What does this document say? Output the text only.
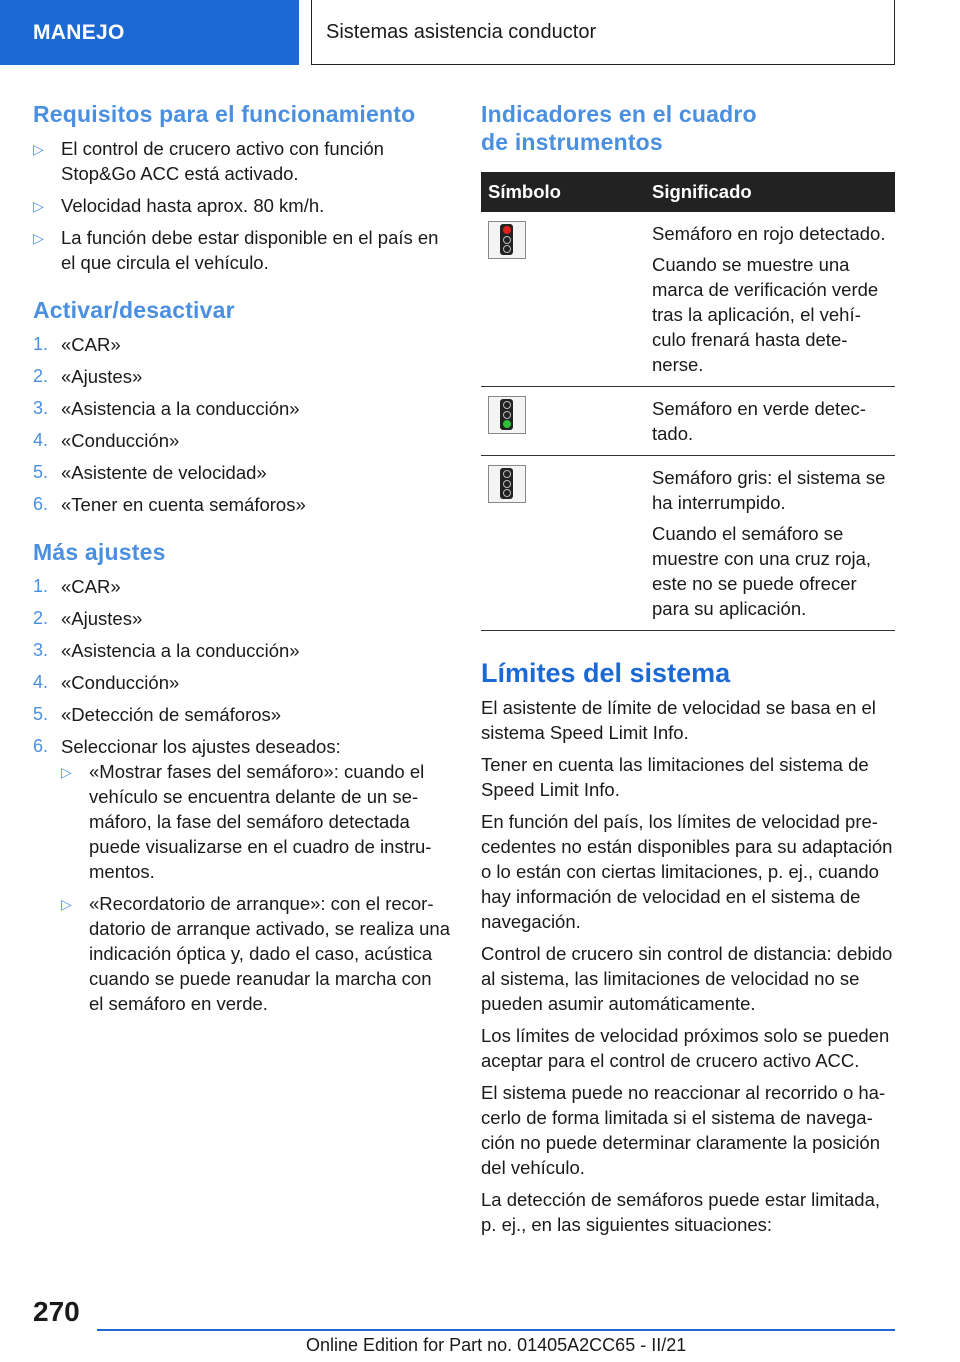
MANEJO	Sistemas asistencia conductor
Requisitos para el funcionamiento
▷ El control de crucero activo con función Stop&Go ACC está activado.
▷ Velocidad hasta aprox. 80 km/h.
▷ La función debe estar disponible en el país en el que circula el vehículo.
Activar/desactivar
1. «CAR»
2. «Ajustes»
3. «Asistencia a la conducción»
4. «Conducción»
5. «Asistente de velocidad»
6. «Tener en cuenta semáforos»
Más ajustes
1. «CAR»
2. «Ajustes»
3. «Asistencia a la conducción»
4. «Conducción»
5. «Detección de semáforos»
6. Seleccionar los ajustes deseados:
▷ «Mostrar fases del semáforo»: cuando el vehículo se encuentra delante de un semáforo, la fase del semáforo detectada puede visualizarse en el cuadro de instrumentos.
▷ «Recordatorio de arranque»: con el recordatorio de arranque activado, se realiza una indicación óptica y, dado el caso, acústica cuando se puede reanudar la marcha con el semáforo en verde.
Indicadores en el cuadro de instrumentos
Símbolo	Significado

	Semáforo en rojo detectado.

Cuando se muestre una marca de verificación verde tras la aplicación, el vehículo frenará hasta detenerse.

	Semáforo en verde detectado.

	Semáforo gris: el sistema se ha interrumpido.

Cuando el semáforo se muestre con una cruz roja, este no se puede ofrecer para su aplicación.

Límites del sistema

El asistente de límite de velocidad se basa en el sistema Speed Limit Info.

Tener en cuenta las limitaciones del sistema de Speed Limit Info.

En función del país, los límites de velocidad precedentes no están disponibles para su adaptación o lo están con ciertas limitaciones, p. ej., cuando hay información de velocidad en el sistema de navegación.

Control de crucero sin control de distancia: debido al sistema, las limitaciones de velocidad no se pueden asumir automáticamente.

Los límites de velocidad próximos solo se pueden aceptar para el control de crucero activo ACC.

El sistema puede no reaccionar al recorrido o hacerlo de forma limitada si el sistema de navegación no puede determinar claramente la posición del vehículo.

La detección de semáforos puede estar limitada, p. ej., en las siguientes situaciones:

270
Online Edition for Part no. 01405A2CC65 - II/21
